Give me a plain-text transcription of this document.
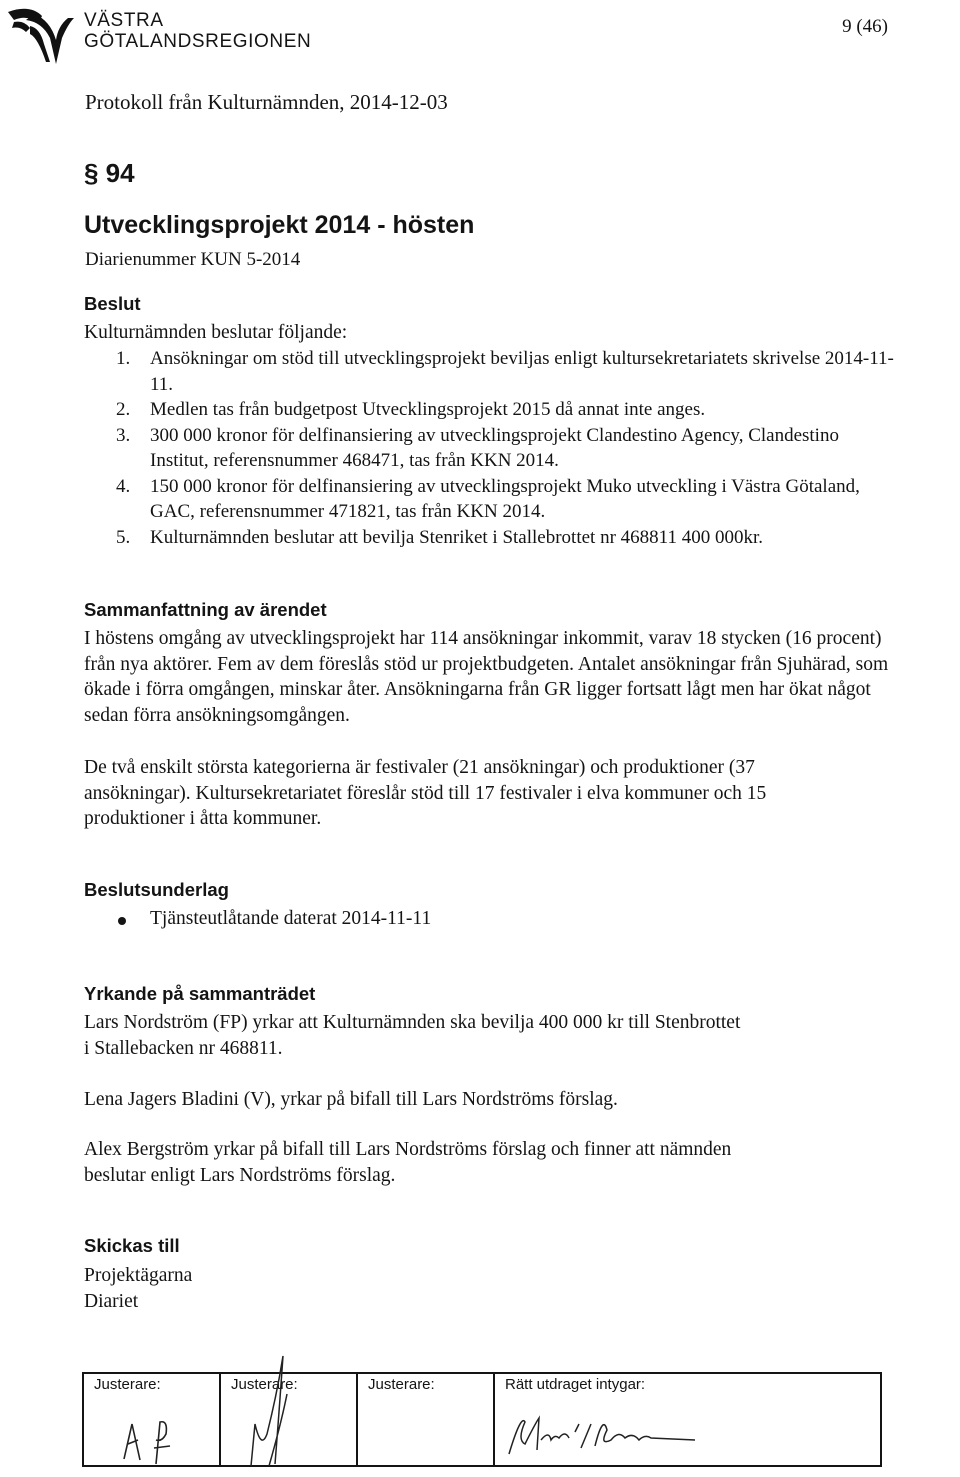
VÄSTRA
GÖTALANDSREGIONEN
9 (46)
Protokoll från Kulturnämnden, 2014-12-03
§ 94
Utvecklingsprojekt 2014 - hösten
Diarienummer KUN 5-2014
Beslut
Kulturnämnden beslutar följande:
1. Ansökningar om stöd till utvecklingsprojekt beviljas enligt kultursekretariatets skrivelse 2014-11-11.
2. Medlen tas från budgetpost Utvecklingsprojekt 2015 då annat inte anges.
3. 300 000 kronor för delfinansiering av utvecklingsprojekt Clandestino Agency, Clandestino Institut, referensnummer 468471, tas från KKN 2014.
4. 150 000 kronor för delfinansiering av utvecklingsprojekt Muko utveckling i Västra Götaland, GAC, referensnummer 471821, tas från KKN 2014.
5. Kulturnämnden beslutar att bevilja Stenriket i Stallebrottet nr 468811 400 000kr.
Sammanfattning av ärendet
I höstens omgång av utvecklingsprojekt har 114 ansökningar inkommit, varav 18 stycken (16 procent) från nya aktörer. Fem av dem föreslås stöd ur projektbudgeten. Antalet ansökningar från Sjuhärad, som ökade i förra omgången, minskar åter. Ansökningarna från GR ligger fortsatt lågt men har ökat något sedan förra ansökningsomgången.
De två enskilt största kategorierna är festivaler (21 ansökningar) och produktioner (37 ansökningar). Kultursekretariatet föreslår stöd till 17 festivaler i elva kommuner och 15 produktioner i åtta kommuner.
Beslutsunderlag
Tjänsteutlåtande daterat 2014-11-11
Yrkande på sammanträdet
Lars Nordström (FP) yrkar att Kulturnämnden ska bevilja 400 000 kr till Stenbrottet i Stallebacken nr 468811.
Lena Jagers Bladini (V), yrkar på bifall till Lars Nordströms förslag.
Alex Bergström yrkar på bifall till Lars Nordströms förslag och finner att nämnden beslutar enligt Lars Nordströms förslag.
Skickas till
Projektägarna
Diariet
Justerare:	Justerare:	Justerare:	Rätt utdraget intygar:
